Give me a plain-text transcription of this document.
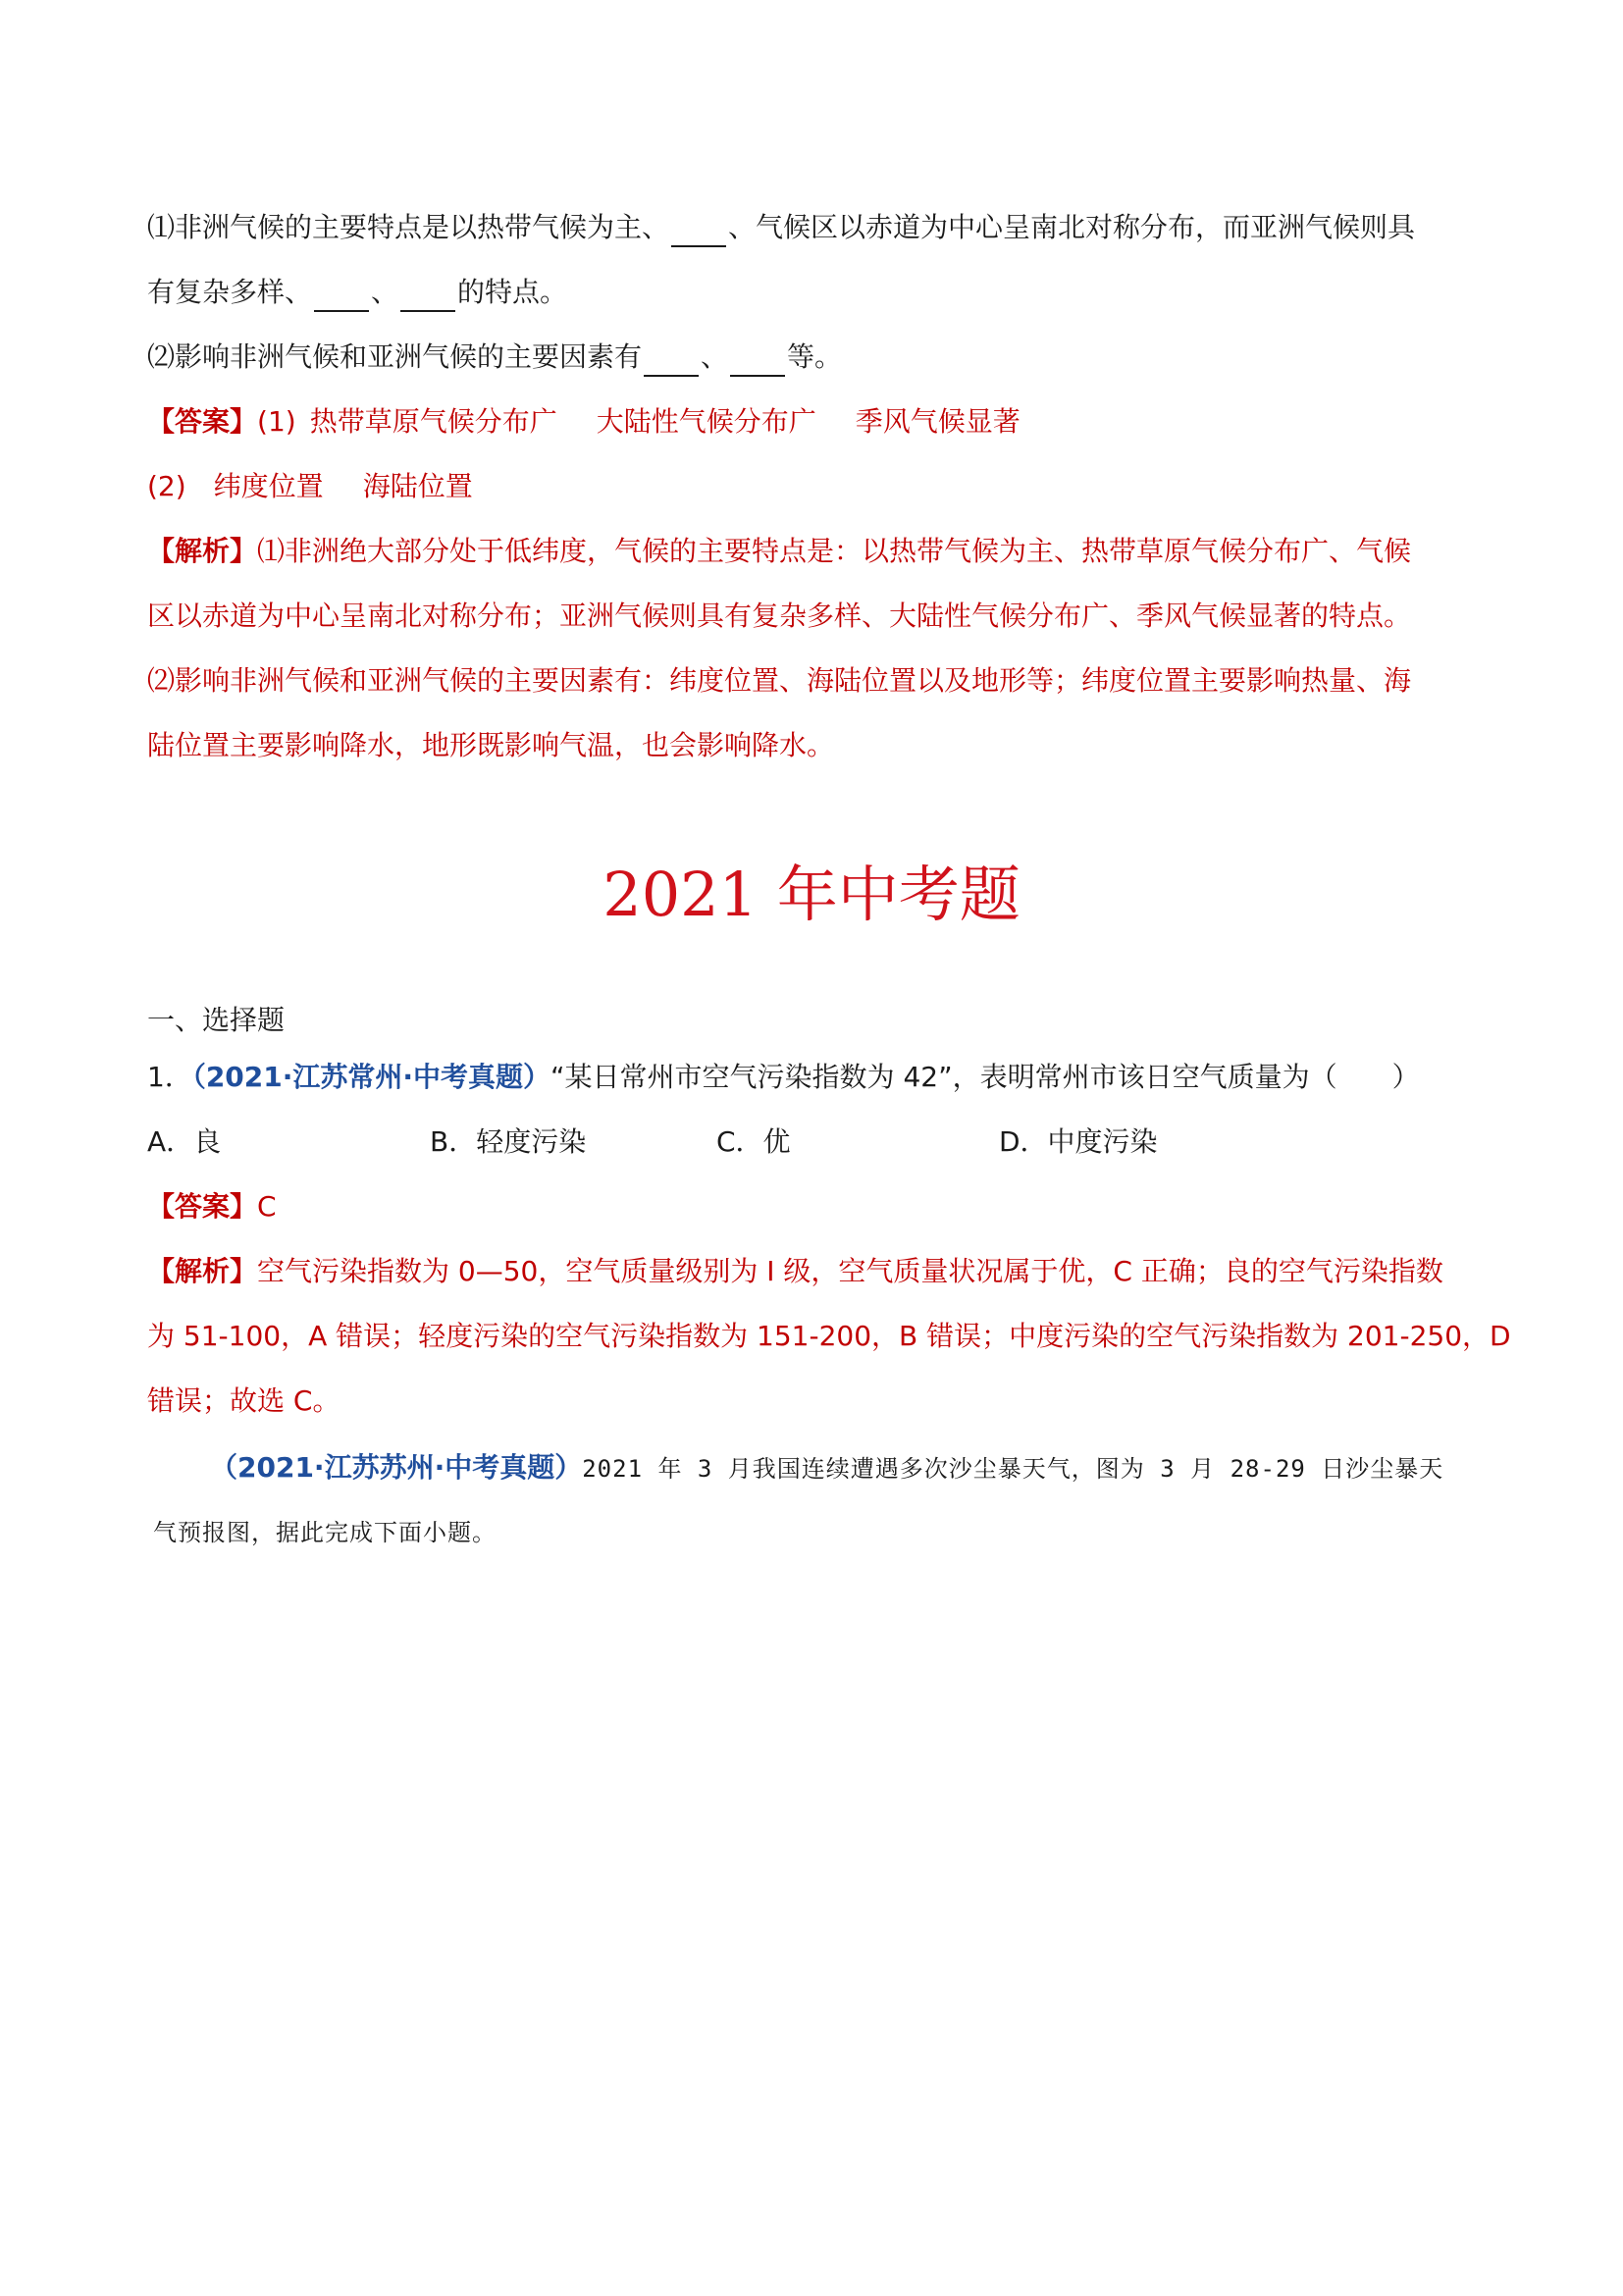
⑴非洲气候的主要特点是以热带气候为主、 、气候区以赤道为中心呈南北对称分布，而亚洲气候则具
有复杂多样、 、 的特点。
⑵影响非洲气候和亚洲气候的主要因素有 、 等。
【答案】(1) 热带草原气候分布广 大陆性气候分布广 季风气候显著
(2) 纬度位置 海陆位置
【解析】⑴非洲绝大部分处于低纬度，气候的主要特点是：以热带气候为主、热带草原气候分布广、气候
区以赤道为中心呈南北对称分布；亚洲气候则具有复杂多样、大陆性气候分布广、季风气候显著的特点。
⑵影响非洲气候和亚洲气候的主要因素有：纬度位置、海陆位置以及地形等；纬度位置主要影响热量、海
陆位置主要影响降水，地形既影响气温，也会影响降水。
2021 年中考题
一、选择题
1．（2021·江苏常州·中考真题）“某日常州市空气污染指数为 42”，表明常州市该日空气质量为（　　）
A．良	B．轻度污染	C．优	D．中度污染
【答案】C
【解析】空气污染指数为 0—50，空气质量级别为 I 级，空气质量状况属于优，C 正确；良的空气污染指数
为 51-100，A 错误；轻度污染的空气污染指数为 151-200，B 错误；中度污染的空气污染指数为 201-250，D
错误；故选 C。
（2021·江苏苏州·中考真题）2021 年 3 月我国连续遭遇多次沙尘暴天气，图为 3 月 28-29 日沙尘暴天
气预报图，据此完成下面小题。
